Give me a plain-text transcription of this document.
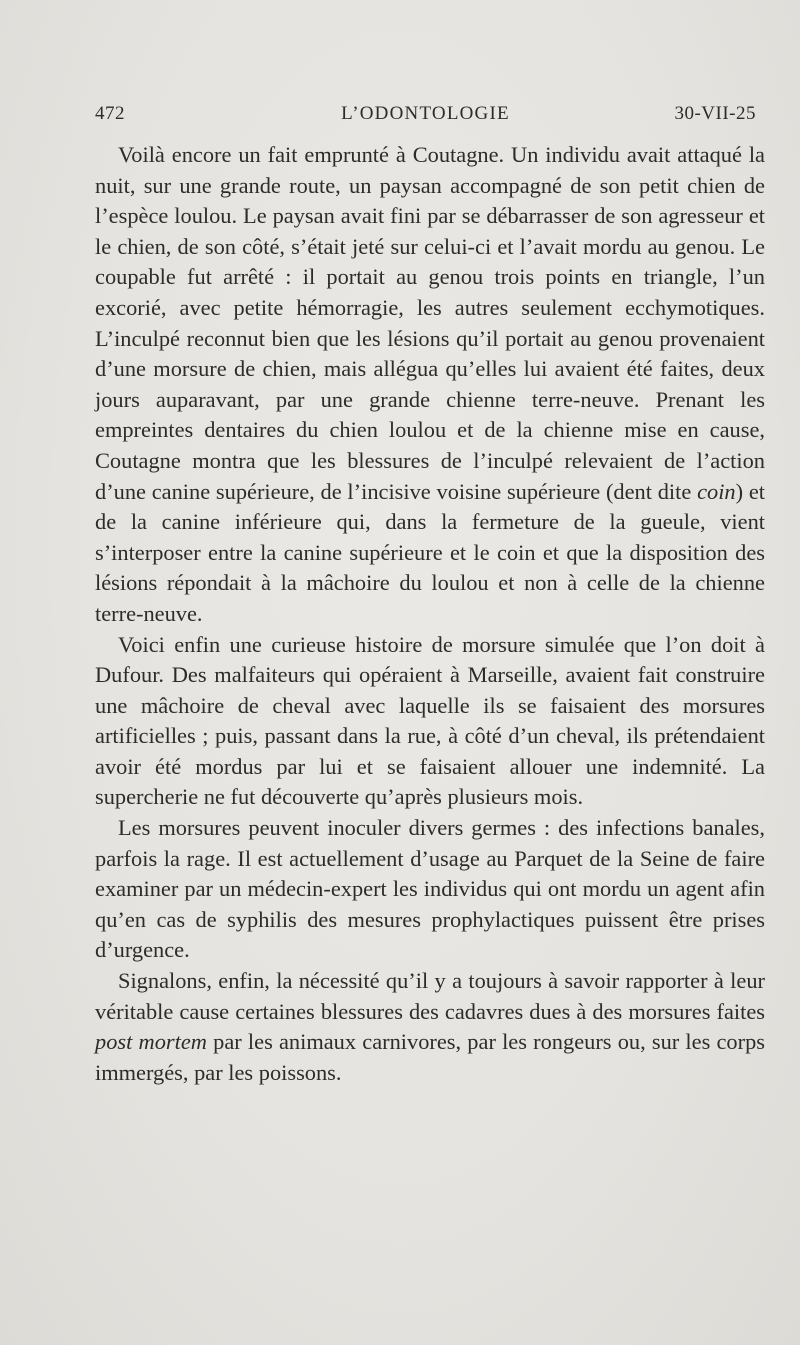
472	L’ODONTOLOGIE	30-VII-25

Voilà encore un fait emprunté à Coutagne. Un individu avait attaqué la nuit, sur une grande route, un paysan accompagné de son petit chien de l’espèce loulou. Le paysan avait fini par se débarrasser de son agresseur et le chien, de son côté, s’était jeté sur celui-ci et l’avait mordu au genou. Le coupable fut arrêté : il portait au genou trois points en triangle, l’un excorié, avec petite hémorragie, les autres seulement ecchymotiques. L’inculpé reconnut bien que les lésions qu’il portait au genou provenaient d’une morsure de chien, mais allégua qu’elles lui avaient été faites, deux jours auparavant, par une grande chienne terre-neuve. Prenant les empreintes dentaires du chien loulou et de la chienne mise en cause, Coutagne montra que les blessures de l’inculpé relevaient de l’action d’une canine supérieure, de l’incisive voisine supérieure (dent dite coin) et de la canine inférieure qui, dans la fermeture de la gueule, vient s’interposer entre la canine supérieure et le coin et que la disposition des lésions répondait à la mâchoire du loulou et non à celle de la chienne terre-neuve.

Voici enfin une curieuse histoire de morsure simulée que l’on doit à Dufour. Des malfaiteurs qui opéraient à Marseille, avaient fait construire une mâchoire de cheval avec laquelle ils se faisaient des morsures artificielles ; puis, passant dans la rue, à côté d’un cheval, ils prétendaient avoir été mordus par lui et se faisaient allouer une indemnité. La supercherie ne fut découverte qu’après plusieurs mois.

Les morsures peuvent inoculer divers germes : des infections banales, parfois la rage. Il est actuellement d’usage au Parquet de la Seine de faire examiner par un médecin-expert les individus qui ont mordu un agent afin qu’en cas de syphilis des mesures prophylactiques puissent être prises d’urgence.

Signalons, enfin, la nécessité qu’il y a toujours à savoir rapporter à leur véritable cause certaines blessures des cadavres dues à des morsures faites post mortem par les animaux carnivores, par les rongeurs ou, sur les corps immergés, par les poissons.
